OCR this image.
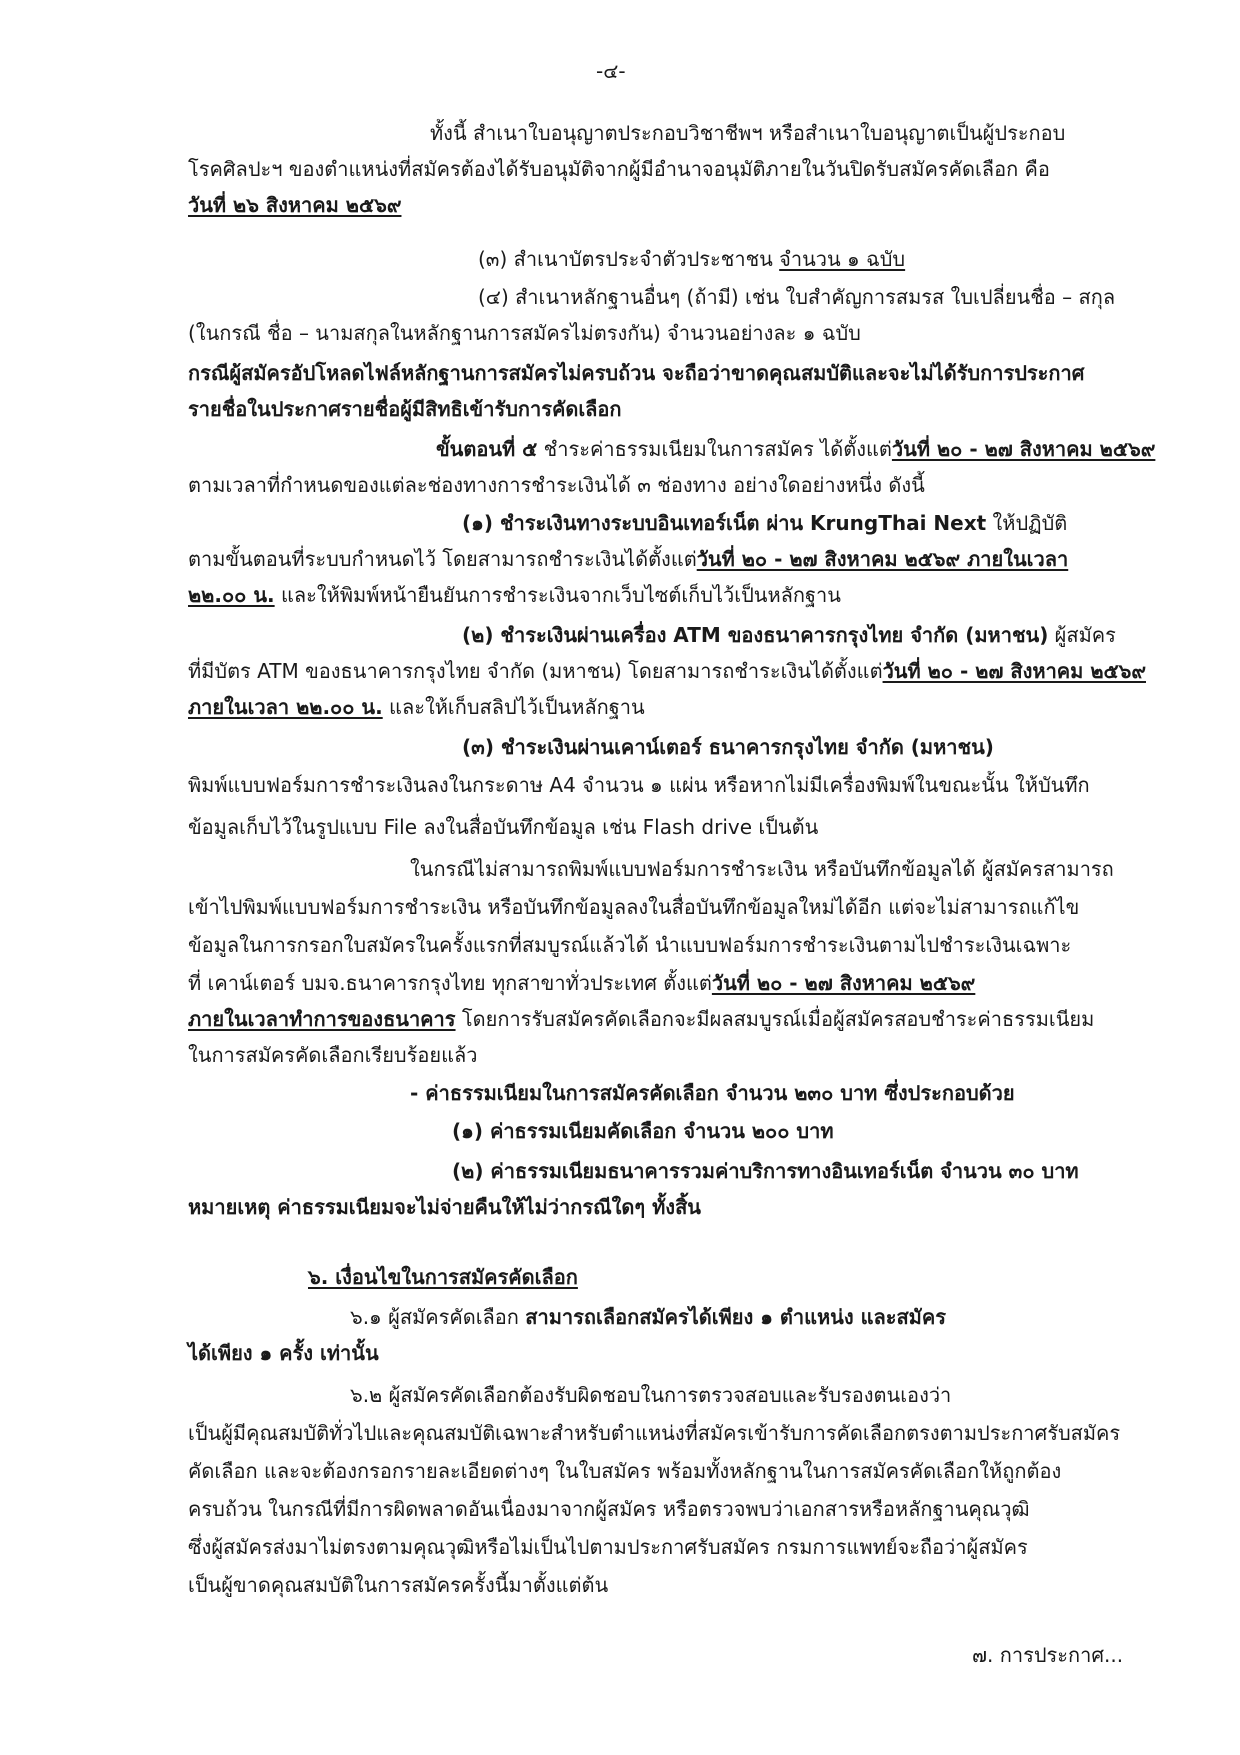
-๔-
ทั้งนี้ สำเนาใบอนุญาตประกอบวิชาชีพฯ หรือสำเนาใบอนุญาตเป็นผู้ประกอบ
โรคศิลปะฯ ของตำแหน่งที่สมัครต้องได้รับอนุมัติจากผู้มีอำนาจอนุมัติภายในวันปิดรับสมัครคัดเลือก คือ
วันที่ ๒๖ สิงหาคม ๒๕๖๙
(๓) สำเนาบัตรประจำตัวประชาชน จำนวน ๑ ฉบับ
(๔) สำเนาหลักฐานอื่นๆ (ถ้ามี) เช่น ใบสำคัญการสมรส ใบเปลี่ยนชื่อ – สกุล
(ในกรณี ชื่อ – นามสกุลในหลักฐานการสมัครไม่ตรงกัน) จำนวนอย่างละ ๑ ฉบับ
กรณีผู้สมัครอัปโหลดไฟล์หลักฐานการสมัครไม่ครบถ้วน จะถือว่าขาดคุณสมบัติและจะไม่ได้รับการประกาศ
รายชื่อในประกาศรายชื่อผู้มีสิทธิเข้ารับการคัดเลือก
ขั้นตอนที่ ๕ ชำระค่าธรรมเนียมในการสมัคร ได้ตั้งแต่วันที่ ๒๐ - ๒๗ สิงหาคม ๒๕๖๙
ตามเวลาที่กำหนดของแต่ละช่องทางการชำระเงินได้ ๓ ช่องทาง อย่างใดอย่างหนึ่ง ดังนี้
(๑) ชำระเงินทางระบบอินเทอร์เน็ต ผ่าน KrungThai Next ให้ปฏิบัติ
ตามขั้นตอนที่ระบบกำหนดไว้ โดยสามารถชำระเงินได้ตั้งแต่วันที่ ๒๐ - ๒๗ สิงหาคม ๒๕๖๙ ภายในเวลา
๒๒.๐๐ น. และให้พิมพ์หน้ายืนยันการชำระเงินจากเว็บไซต์เก็บไว้เป็นหลักฐาน
(๒) ชำระเงินผ่านเครื่อง ATM ของธนาคารกรุงไทย จำกัด (มหาชน) ผู้สมัคร
ที่มีบัตร ATM ของธนาคารกรุงไทย จำกัด (มหาชน) โดยสามารถชำระเงินได้ตั้งแต่วันที่ ๒๐ - ๒๗ สิงหาคม ๒๕๖๙
ภายในเวลา ๒๒.๐๐ น. และให้เก็บสลิปไว้เป็นหลักฐาน
(๓) ชำระเงินผ่านเคาน์เตอร์ ธนาคารกรุงไทย จำกัด (มหาชน)
พิมพ์แบบฟอร์มการชำระเงินลงในกระดาษ A4 จำนวน ๑ แผ่น หรือหากไม่มีเครื่องพิมพ์ในขณะนั้น ให้บันทึก
ข้อมูลเก็บไว้ในรูปแบบ File ลงในสื่อบันทึกข้อมูล เช่น Flash drive เป็นต้น
ในกรณีไม่สามารถพิมพ์แบบฟอร์มการชำระเงิน หรือบันทึกข้อมูลได้ ผู้สมัครสามารถ
เข้าไปพิมพ์แบบฟอร์มการชำระเงิน หรือบันทึกข้อมูลลงในสื่อบันทึกข้อมูลใหม่ได้อีก แต่จะไม่สามารถแก้ไข
ข้อมูลในการกรอกใบสมัครในครั้งแรกที่สมบูรณ์แล้วได้ นำแบบฟอร์มการชำระเงินตามไปชำระเงินเฉพาะ
ที่ เคาน์เตอร์ บมจ.ธนาคารกรุงไทย ทุกสาขาทั่วประเทศ ตั้งแต่วันที่ ๒๐ - ๒๗ สิงหาคม ๒๕๖๙
ภายในเวลาทำการของธนาคาร โดยการรับสมัครคัดเลือกจะมีผลสมบูรณ์เมื่อผู้สมัครสอบชำระค่าธรรมเนียม
ในการสมัครคัดเลือกเรียบร้อยแล้ว
- ค่าธรรมเนียมในการสมัครคัดเลือก จำนวน ๒๓๐ บาท ซึ่งประกอบด้วย
(๑) ค่าธรรมเนียมคัดเลือก จำนวน ๒๐๐ บาท
(๒) ค่าธรรมเนียมธนาคารรวมค่าบริการทางอินเทอร์เน็ต จำนวน ๓๐ บาท
หมายเหตุ ค่าธรรมเนียมจะไม่จ่ายคืนให้ไม่ว่ากรณีใดๆ ทั้งสิ้น
๖. เงื่อนไขในการสมัครคัดเลือก
๖.๑ ผู้สมัครคัดเลือก สามารถเลือกสมัครได้เพียง ๑ ตำแหน่ง และสมัคร
ได้เพียง ๑ ครั้ง เท่านั้น
๖.๒ ผู้สมัครคัดเลือกต้องรับผิดชอบในการตรวจสอบและรับรองตนเองว่า
เป็นผู้มีคุณสมบัติทั่วไปและคุณสมบัติเฉพาะสำหรับตำแหน่งที่สมัครเข้ารับการคัดเลือกตรงตามประกาศรับสมัคร
คัดเลือก และจะต้องกรอกรายละเอียดต่างๆ ในใบสมัคร พร้อมทั้งหลักฐานในการสมัครคัดเลือกให้ถูกต้อง
ครบถ้วน ในกรณีที่มีการผิดพลาดอันเนื่องมาจากผู้สมัคร หรือตรวจพบว่าเอกสารหรือหลักฐานคุณวุฒิ
ซึ่งผู้สมัครส่งมาไม่ตรงตามคุณวุฒิหรือไม่เป็นไปตามประกาศรับสมัคร กรมการแพทย์จะถือว่าผู้สมัคร
เป็นผู้ขาดคุณสมบัติในการสมัครครั้งนี้มาตั้งแต่ต้น
๗. การประกาศ...
